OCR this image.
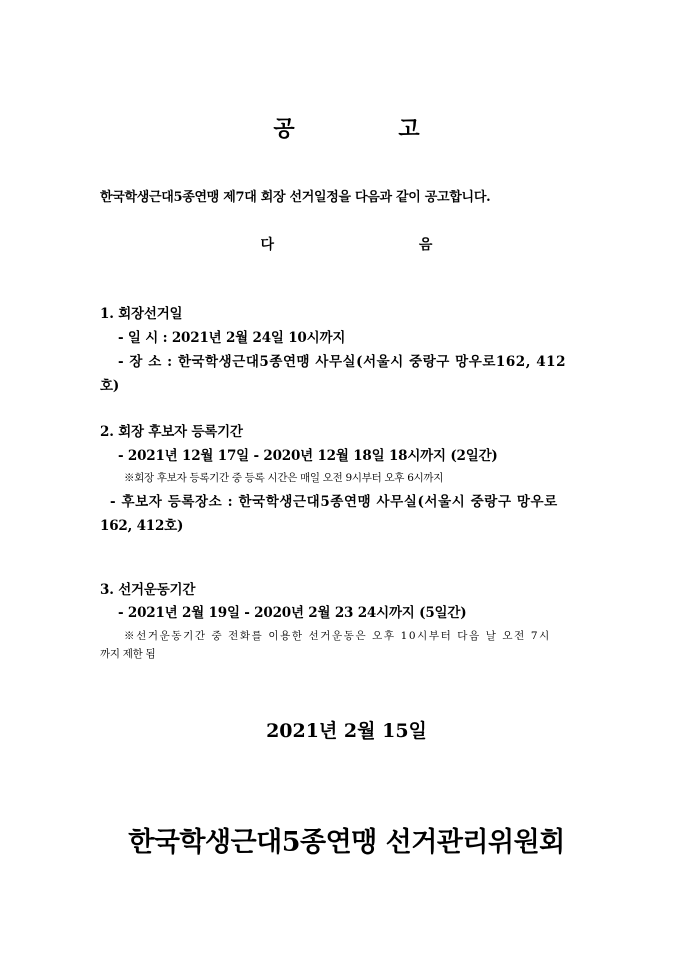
공 고
한국학생근대5종연맹 제7대 회장 선거일정을 다음과 같이 공고합니다.
다 음
1. 회장선거일
- 일 시 : 2021년 2월 24일 10시까지
- 장 소 : 한국학생근대5종연맹 사무실(서울시 중랑구 망우로162, 412
호)
2. 회장 후보자 등록기간
- 2021년 12월 17일 - 2020년 12월 18일 18시까지 (2일간)
※회장 후보자 등록기간 중 등록 시간은 매일 오전 9시부터 오후 6시까지
- 후보자 등록장소 : 한국학생근대5종연맹 사무실(서울시 중랑구 망우로
162, 412호)
3. 선거운동기간
- 2021년 2월 19일 - 2020년 2월 23 24시까지 (5일간)
※선거운동기간 중 전화를 이용한 선거운동은 오후 10시부터 다음 날 오전 7시
까지 제한 됨
2021년 2월 15일
한국학생근대5종연맹 선거관리위원회
